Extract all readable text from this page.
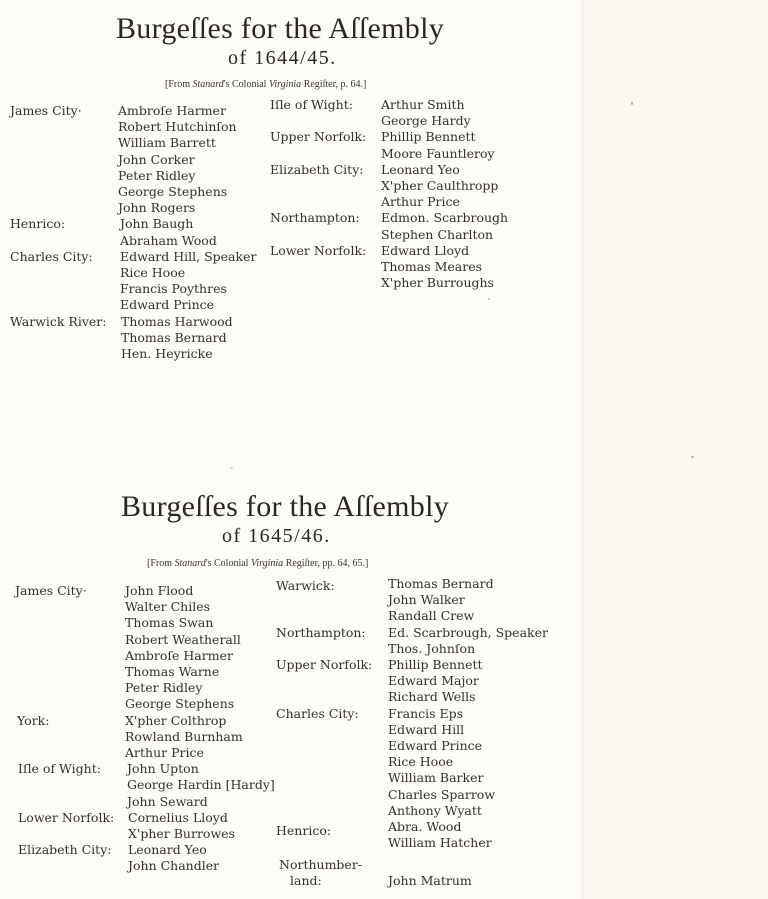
Burgeſſes for the Aſſembly
of 1644/45.
[From Stanard's Colonial Virginia Regiſter, p. 64.]
James City·	Ambroſe Harmer
Robert Hutchinſon
William Barrett
John Corker
Peter Ridley
George Stephens
John Rogers
Henrico:	John Baugh
Abraham Wood
Charles City: Edward Hill, Speaker
Rice Hooe
Francis Poythres
Edward Prince
Warwick River: Thomas Harwood
Thomas Bernard
Hen. Heyricke
Iſle of Wight: Arthur Smith
George Hardy
Upper Norfolk: Phillip Bennett
Moore Fauntleroy
Elizabeth City: Leonard Yeo
X'pher Caulthropp
Arthur Price
Northampton: Edmon. Scarbrough
Stephen Charlton
Lower Norfolk: Edward Lloyd
Thomas Meares
X'pher Burroughs
Burgeſſes for the Aſſembly
of 1645/46.
[From Stanard's Colonial Virginia Regiſter, pp. 64, 65.]
James City·	John Flood
Walter Chiles
Thomas Swan
Robert Weatherall
Ambroſe Harmer
Thomas Warne
Peter Ridley
George Stephens
York:	X'pher Colthrop
Rowland Burnham
Arthur Price
Iſle of Wight: John Upton
George Hardin [Hardy]
John Seward
Lower Norfolk: Cornelius Lloyd
X'pher Burrowes
Elizabeth City: Leonard Yeo
John Chandler
Warwick:	Thomas Bernard
John Walker
Randall Crew
Northampton: Ed. Scarbrough, Speaker
Thos. Johnſon
Upper Norfolk: Phillip Bennett
Edward Major
Richard Wells
Charles City: Francis Eps
Edward Hill
Edward Prince
Rice Hooe
William Barker
Charles Sparrow
Anthony Wyatt
Henrico:	Abra. Wood
William Hatcher
Northumber-
land:	John Matrum
